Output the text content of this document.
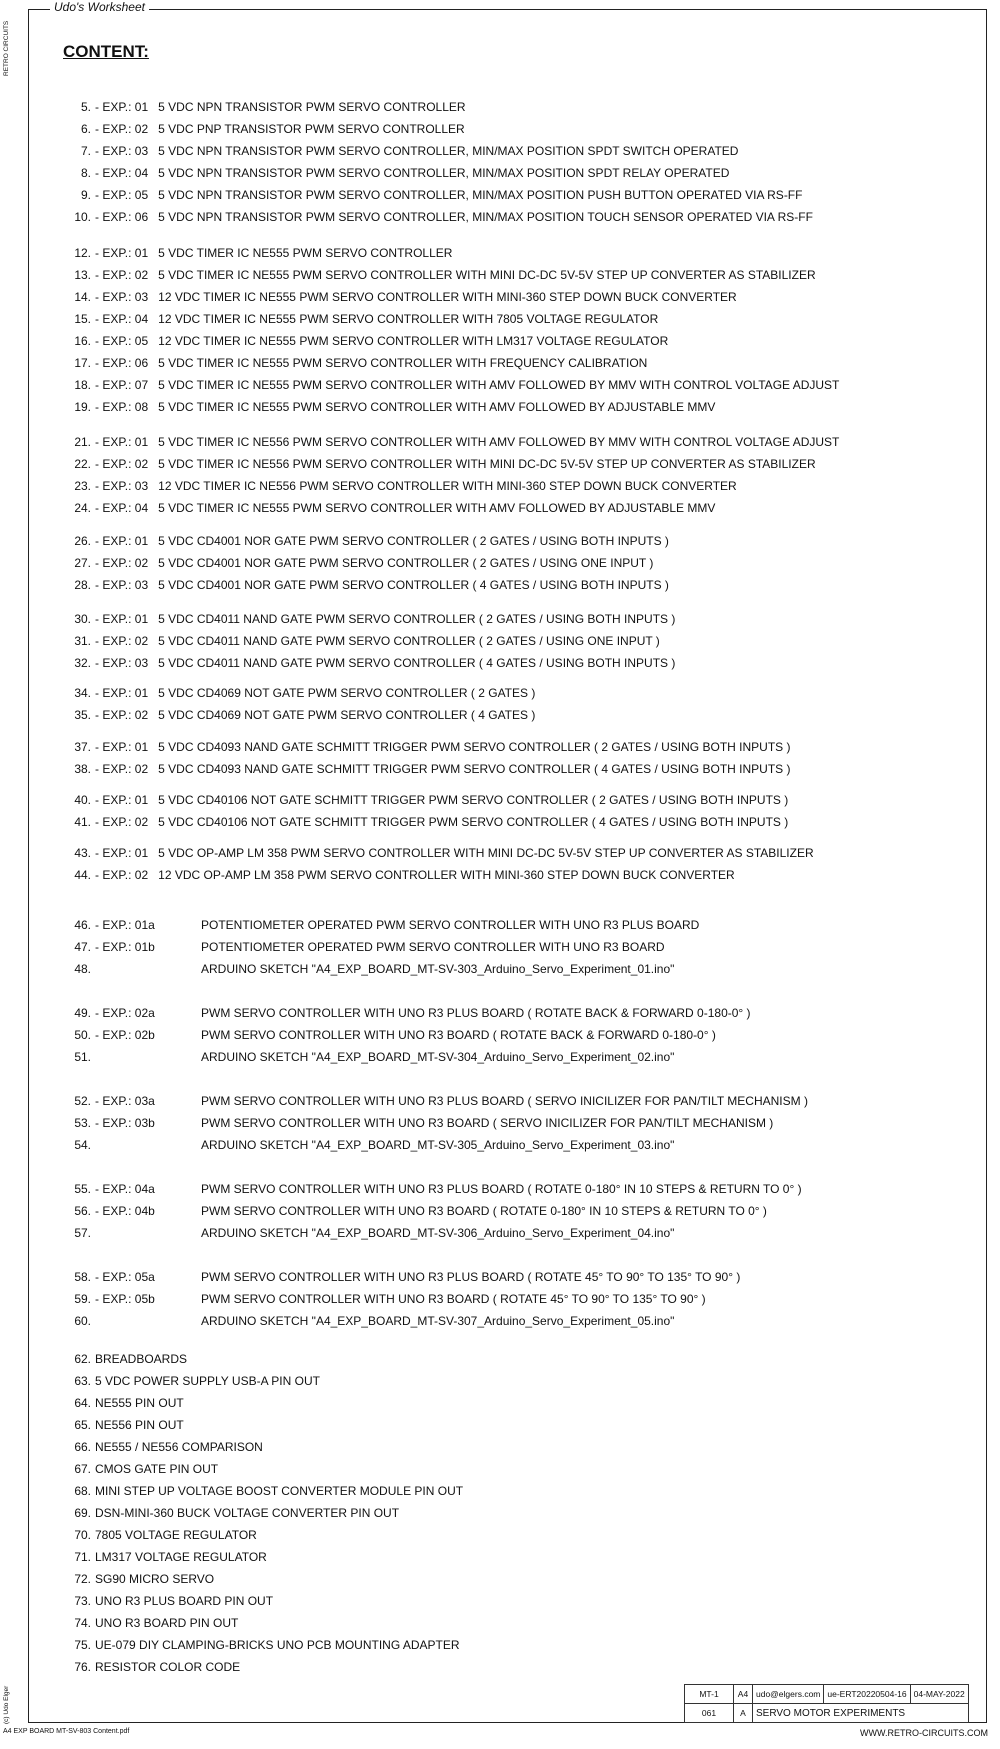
Udo's Worksheet
RETRO CIRCUITS
(c) Udo Elger
CONTENT:
5. - EXP.: 01 5 VDC NPN TRANSISTOR PWM SERVO CONTROLLER
6. - EXP.: 02 5 VDC PNP TRANSISTOR PWM SERVO CONTROLLER
7. - EXP.: 03 5 VDC NPN TRANSISTOR PWM SERVO CONTROLLER, MIN/MAX POSITION SPDT SWITCH OPERATED
8. - EXP.: 04 5 VDC NPN TRANSISTOR PWM SERVO CONTROLLER, MIN/MAX POSITION SPDT RELAY OPERATED
9. - EXP.: 05 5 VDC NPN TRANSISTOR PWM SERVO CONTROLLER, MIN/MAX POSITION PUSH BUTTON OPERATED VIA RS-FF
10. - EXP.: 06 5 VDC NPN TRANSISTOR PWM SERVO CONTROLLER, MIN/MAX POSITION TOUCH SENSOR OPERATED VIA RS-FF
12. - EXP.: 01 5 VDC TIMER IC NE555 PWM SERVO CONTROLLER
13. - EXP.: 02 5 VDC TIMER IC NE555 PWM SERVO CONTROLLER WITH MINI DC-DC 5V-5V STEP UP CONVERTER AS STABILIZER
14. - EXP.: 03 12 VDC TIMER IC NE555 PWM SERVO CONTROLLER WITH MINI-360 STEP DOWN BUCK CONVERTER
15. - EXP.: 04 12 VDC TIMER IC NE555 PWM SERVO CONTROLLER WITH 7805 VOLTAGE REGULATOR
16. - EXP.: 05 12 VDC TIMER IC NE555 PWM SERVO CONTROLLER WITH LM317 VOLTAGE REGULATOR
17. - EXP.: 06 5 VDC TIMER IC NE555 PWM SERVO CONTROLLER WITH FREQUENCY CALIBRATION
18. - EXP.: 07 5 VDC TIMER IC NE555 PWM SERVO CONTROLLER WITH AMV FOLLOWED BY MMV WITH CONTROL VOLTAGE ADJUST
19. - EXP.: 08 5 VDC TIMER IC NE555 PWM SERVO CONTROLLER WITH AMV FOLLOWED BY ADJUSTABLE MMV
21. - EXP.: 01 5 VDC TIMER IC NE556 PWM SERVO CONTROLLER WITH AMV FOLLOWED BY MMV WITH CONTROL VOLTAGE ADJUST
22. - EXP.: 02 5 VDC TIMER IC NE556 PWM SERVO CONTROLLER WITH MINI DC-DC 5V-5V STEP UP CONVERTER AS STABILIZER
23. - EXP.: 03 12 VDC TIMER IC NE556 PWM SERVO CONTROLLER WITH MINI-360 STEP DOWN BUCK CONVERTER
24. - EXP.: 04 5 VDC TIMER IC NE555 PWM SERVO CONTROLLER WITH AMV FOLLOWED BY ADJUSTABLE MMV
26. - EXP.: 01 5 VDC CD4001 NOR GATE PWM SERVO CONTROLLER ( 2 GATES / USING BOTH INPUTS )
27. - EXP.: 02 5 VDC CD4001 NOR GATE PWM SERVO CONTROLLER ( 2 GATES / USING ONE INPUT )
28. - EXP.: 03 5 VDC CD4001 NOR GATE PWM SERVO CONTROLLER ( 4 GATES / USING BOTH INPUTS )
30. - EXP.: 01 5 VDC CD4011 NAND GATE PWM SERVO CONTROLLER ( 2 GATES / USING BOTH INPUTS )
31. - EXP.: 02 5 VDC CD4011 NAND GATE PWM SERVO CONTROLLER ( 2 GATES / USING ONE INPUT )
32. - EXP.: 03 5 VDC CD4011 NAND GATE PWM SERVO CONTROLLER ( 4 GATES / USING BOTH INPUTS )
34. - EXP.: 01 5 VDC CD4069 NOT GATE PWM SERVO CONTROLLER ( 2 GATES )
35. - EXP.: 02 5 VDC CD4069 NOT GATE PWM SERVO CONTROLLER ( 4 GATES )
37. - EXP.: 01 5 VDC CD4093 NAND GATE SCHMITT TRIGGER PWM SERVO CONTROLLER ( 2 GATES / USING BOTH INPUTS )
38. - EXP.: 02 5 VDC CD4093 NAND GATE SCHMITT TRIGGER PWM SERVO CONTROLLER ( 4 GATES / USING BOTH INPUTS )
40. - EXP.: 01 5 VDC CD40106 NOT GATE SCHMITT TRIGGER PWM SERVO CONTROLLER ( 2 GATES / USING BOTH INPUTS )
41. - EXP.: 02 5 VDC CD40106 NOT GATE SCHMITT TRIGGER PWM SERVO CONTROLLER ( 4 GATES / USING BOTH INPUTS )
43. - EXP.: 01 5 VDC OP-AMP LM 358 PWM SERVO CONTROLLER WITH MINI DC-DC 5V-5V STEP UP CONVERTER AS STABILIZER
44. - EXP.: 02 12 VDC OP-AMP LM 358 PWM SERVO CONTROLLER WITH MINI-360 STEP DOWN BUCK CONVERTER
46. - EXP.: 01a	POTENTIOMETER OPERATED PWM SERVO CONTROLLER WITH UNO R3 PLUS BOARD
47. - EXP.: 01b	POTENTIOMETER OPERATED PWM SERVO CONTROLLER WITH UNO R3 BOARD
48.	ARDUINO SKETCH "A4_EXP_BOARD_MT-SV-303_Arduino_Servo_Experiment_01.ino"
49. - EXP.: 02a	PWM SERVO CONTROLLER WITH UNO R3 PLUS BOARD ( ROTATE BACK & FORWARD 0-180-0° )
50. - EXP.: 02b	PWM SERVO CONTROLLER WITH UNO R3 BOARD ( ROTATE BACK & FORWARD 0-180-0° )
51.	ARDUINO SKETCH "A4_EXP_BOARD_MT-SV-304_Arduino_Servo_Experiment_02.ino"
52. - EXP.: 03a	PWM SERVO CONTROLLER WITH UNO R3 PLUS BOARD ( SERVO INICILIZER FOR PAN/TILT MECHANISM )
53. - EXP.: 03b	PWM SERVO CONTROLLER WITH UNO R3 BOARD ( SERVO INICILIZER FOR PAN/TILT MECHANISM )
54.	ARDUINO SKETCH "A4_EXP_BOARD_MT-SV-305_Arduino_Servo_Experiment_03.ino"
55. - EXP.: 04a	PWM SERVO CONTROLLER WITH UNO R3 PLUS BOARD ( ROTATE 0-180° IN 10 STEPS & RETURN TO 0° )
56. - EXP.: 04b	PWM SERVO CONTROLLER WITH UNO R3 BOARD ( ROTATE 0-180° IN 10 STEPS & RETURN TO 0° )
57.	ARDUINO SKETCH "A4_EXP_BOARD_MT-SV-306_Arduino_Servo_Experiment_04.ino"
58. - EXP.: 05a	PWM SERVO CONTROLLER WITH UNO R3 PLUS BOARD ( ROTATE 45° TO 90° TO 135° TO 90° )
59. - EXP.: 05b	PWM SERVO CONTROLLER WITH UNO R3 BOARD ( ROTATE 45° TO 90° TO 135° TO 90° )
60.	ARDUINO SKETCH "A4_EXP_BOARD_MT-SV-307_Arduino_Servo_Experiment_05.ino"
62. BREADBOARDS
63. 5 VDC POWER SUPPLY USB-A PIN OUT
64. NE555 PIN OUT
65. NE556 PIN OUT
66. NE555 / NE556 COMPARISON
67. CMOS GATE PIN OUT
68. MINI STEP UP VOLTAGE BOOST CONVERTER MODULE PIN OUT
69. DSN-MINI-360 BUCK VOLTAGE CONVERTER PIN OUT
70. 7805 VOLTAGE REGULATOR
71. LM317 VOLTAGE REGULATOR
72. SG90 MICRO SERVO
73. UNO R3 PLUS BOARD PIN OUT
74. UNO R3 BOARD PIN OUT
75. UE-079 DIY CLAMPING-BRICKS UNO PCB MOUNTING ADAPTER
76. RESISTOR COLOR CODE
MT-1	A4	udo@elgers.com	ue-ERT20220504-16	04-MAY-2022
061	A	SERVO MOTOR EXPERIMENTS		
A4 EXP BOARD MT-SV-803 Content.pdf	WWW.RETRO-CIRCUITS.COM
